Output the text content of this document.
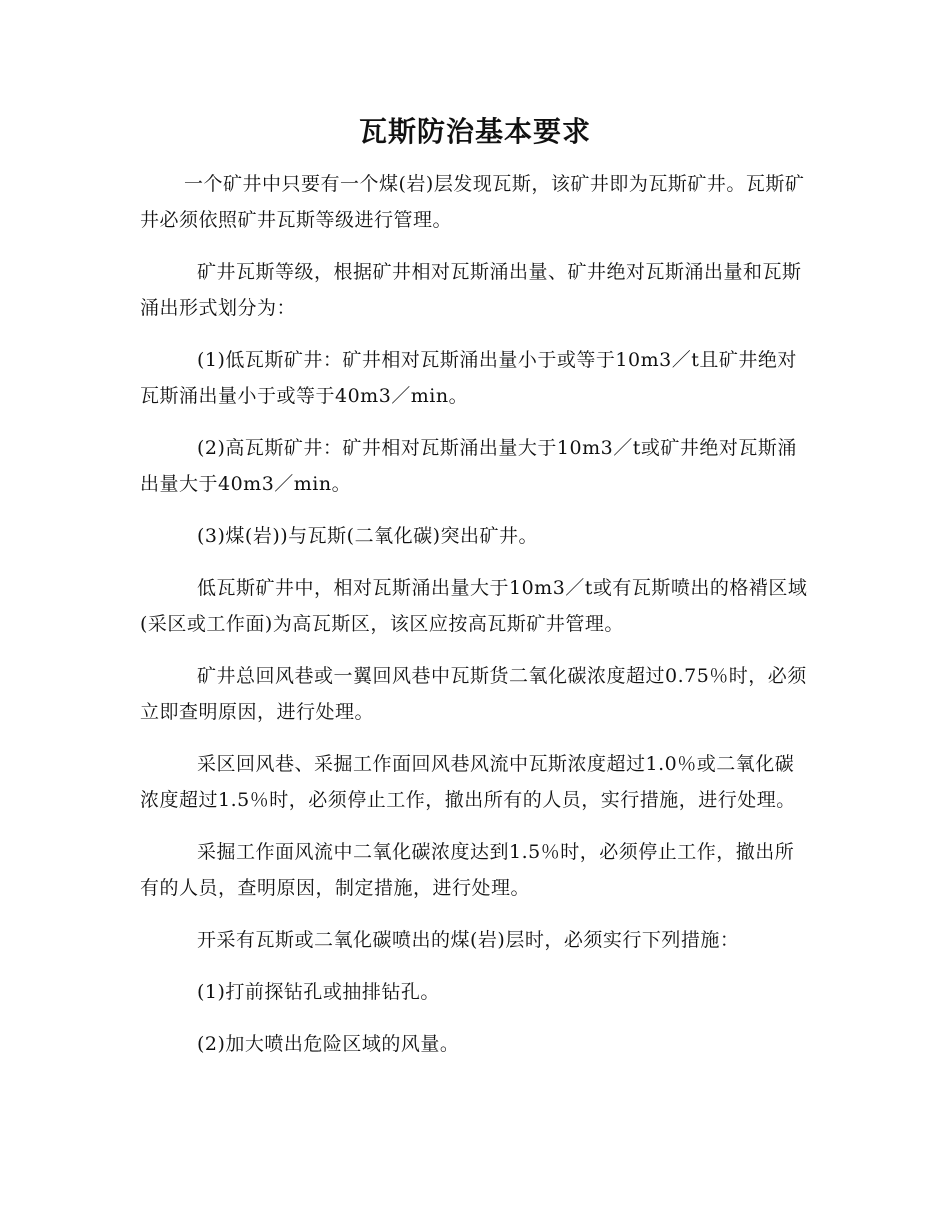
瓦斯防治基本要求

一个矿井中只要有一个煤(岩)层发现瓦斯，该矿井即为瓦斯矿井。瓦斯矿井必须依照矿井瓦斯等级进行管理。

矿井瓦斯等级，根据矿井相对瓦斯涌出量、矿井绝对瓦斯涌出量和瓦斯涌出形式划分为：

(1)低瓦斯矿井：矿井相对瓦斯涌出量小于或等于10m3／t且矿井绝对瓦斯涌出量小于或等于40m3／min。

(2)高瓦斯矿井：矿井相对瓦斯涌出量大于10m3／t或矿井绝对瓦斯涌出量大于40m3／min。

(3)煤(岩))与瓦斯(二氧化碳)突出矿井。

低瓦斯矿井中，相对瓦斯涌出量大于10m3／t或有瓦斯喷出的格褙区域(采区或工作面)为高瓦斯区，该区应按高瓦斯矿井管理。

矿井总回风巷或一翼回风巷中瓦斯货二氧化碳浓度超过0.75％时，必须立即查明原因，进行处理。

采区回风巷、采掘工作面回风巷风流中瓦斯浓度超过1.0％或二氧化碳浓度超过1.5％时，必须停止工作，撤出所有的人员，实行措施，进行处理。

采掘工作面风流中二氧化碳浓度达到1.5％时，必须停止工作，撤出所有的人员，查明原因，制定措施，进行处理。

开采有瓦斯或二氧化碳喷出的煤(岩)层时，必须实行下列措施：

(1)打前探钻孔或抽排钻孔。

(2)加大喷出危险区域的风量。
